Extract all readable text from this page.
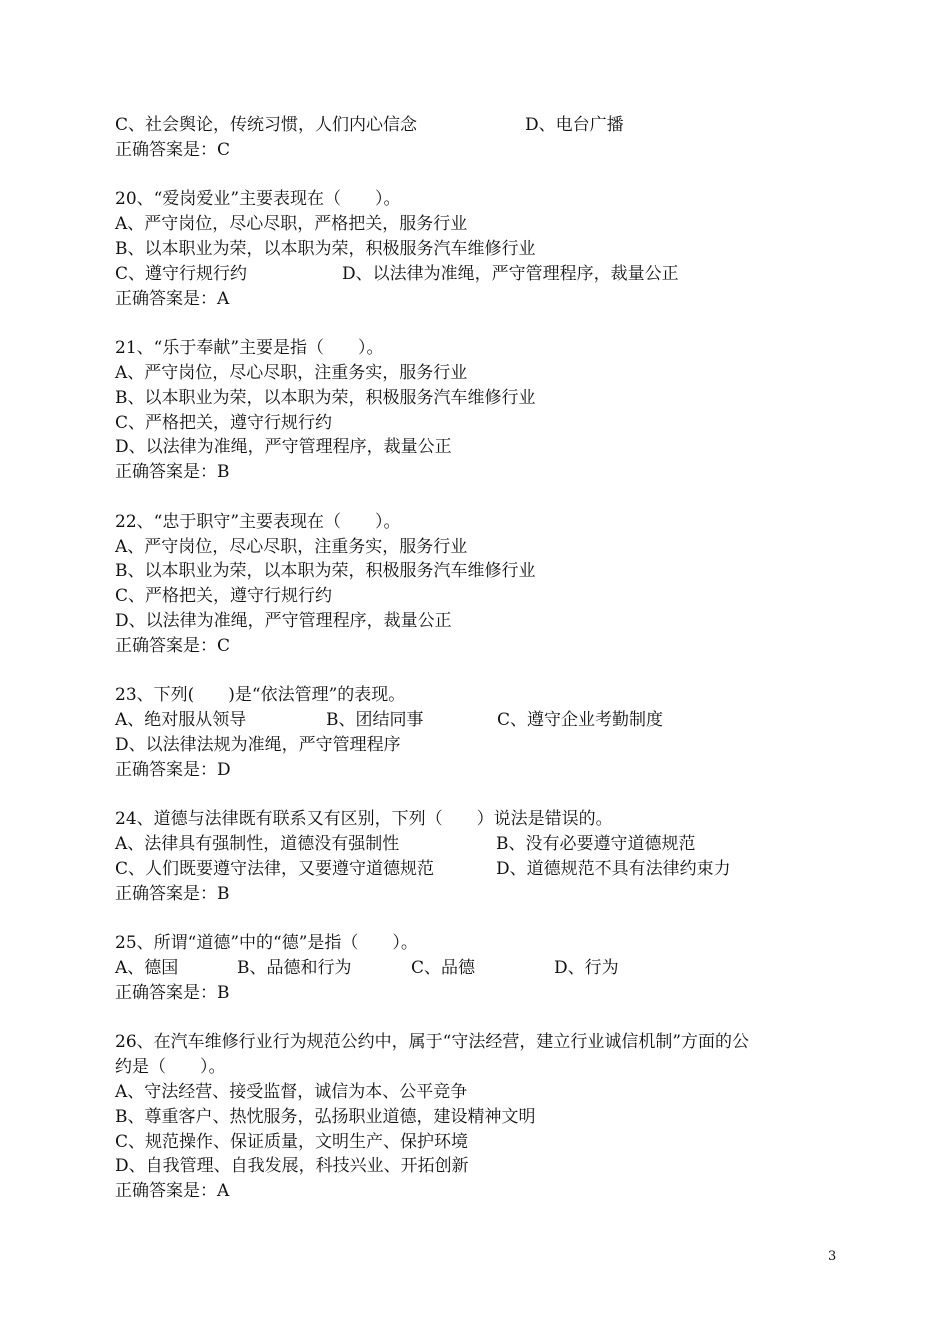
C、社会舆论，传统习惯，人们内心信念	D、电台广播
正确答案是：C
20、“爱岗爱业”主要表现在（　　）。
A、严守岗位，尽心尽职，严格把关，服务行业
B、以本职业为荣，以本职为荣，积极服务汽车维修行业
C、遵守行规行约	D、以法律为准绳，严守管理程序，裁量公正
正确答案是：A
21、“乐于奉献”主要是指（　　）。
A、严守岗位，尽心尽职，注重务实，服务行业
B、以本职业为荣，以本职为荣，积极服务汽车维修行业
C、严格把关，遵守行规行约
D、以法律为准绳，严守管理程序，裁量公正
正确答案是：B
22、“忠于职守”主要表现在（　　）。
A、严守岗位，尽心尽职，注重务实，服务行业
B、以本职业为荣，以本职为荣，积极服务汽车维修行业
C、严格把关，遵守行规行约
D、以法律为准绳，严守管理程序，裁量公正
正确答案是：C
23、下列(　　)是“依法管理”的表现。
A、绝对服从领导	B、团结同事	C、遵守企业考勤制度
D、以法律法规为准绳，严守管理程序
正确答案是：D
24、道德与法律既有联系又有区别，下列（　　）说法是错误的。
A、法律具有强制性，道德没有强制性	B、没有必要遵守道德规范
C、人们既要遵守法律，又要遵守道德规范	D、道德规范不具有法律约束力
正确答案是：B
25、所谓“道德”中的“德”是指（　　）。
A、德国	B、品德和行为	C、品德	D、行为
正确答案是：B
26、在汽车维修行业行为规范公约中，属于“守法经营，建立行业诚信机制”方面的公
约是（　　）。
A、守法经营、接受监督，诚信为本、公平竞争
B、尊重客户、热忱服务，弘扬职业道德，建设精神文明
C、规范操作、保证质量，文明生产、保护环境
D、自我管理、自我发展，科技兴业、开拓创新
正确答案是：A
3
